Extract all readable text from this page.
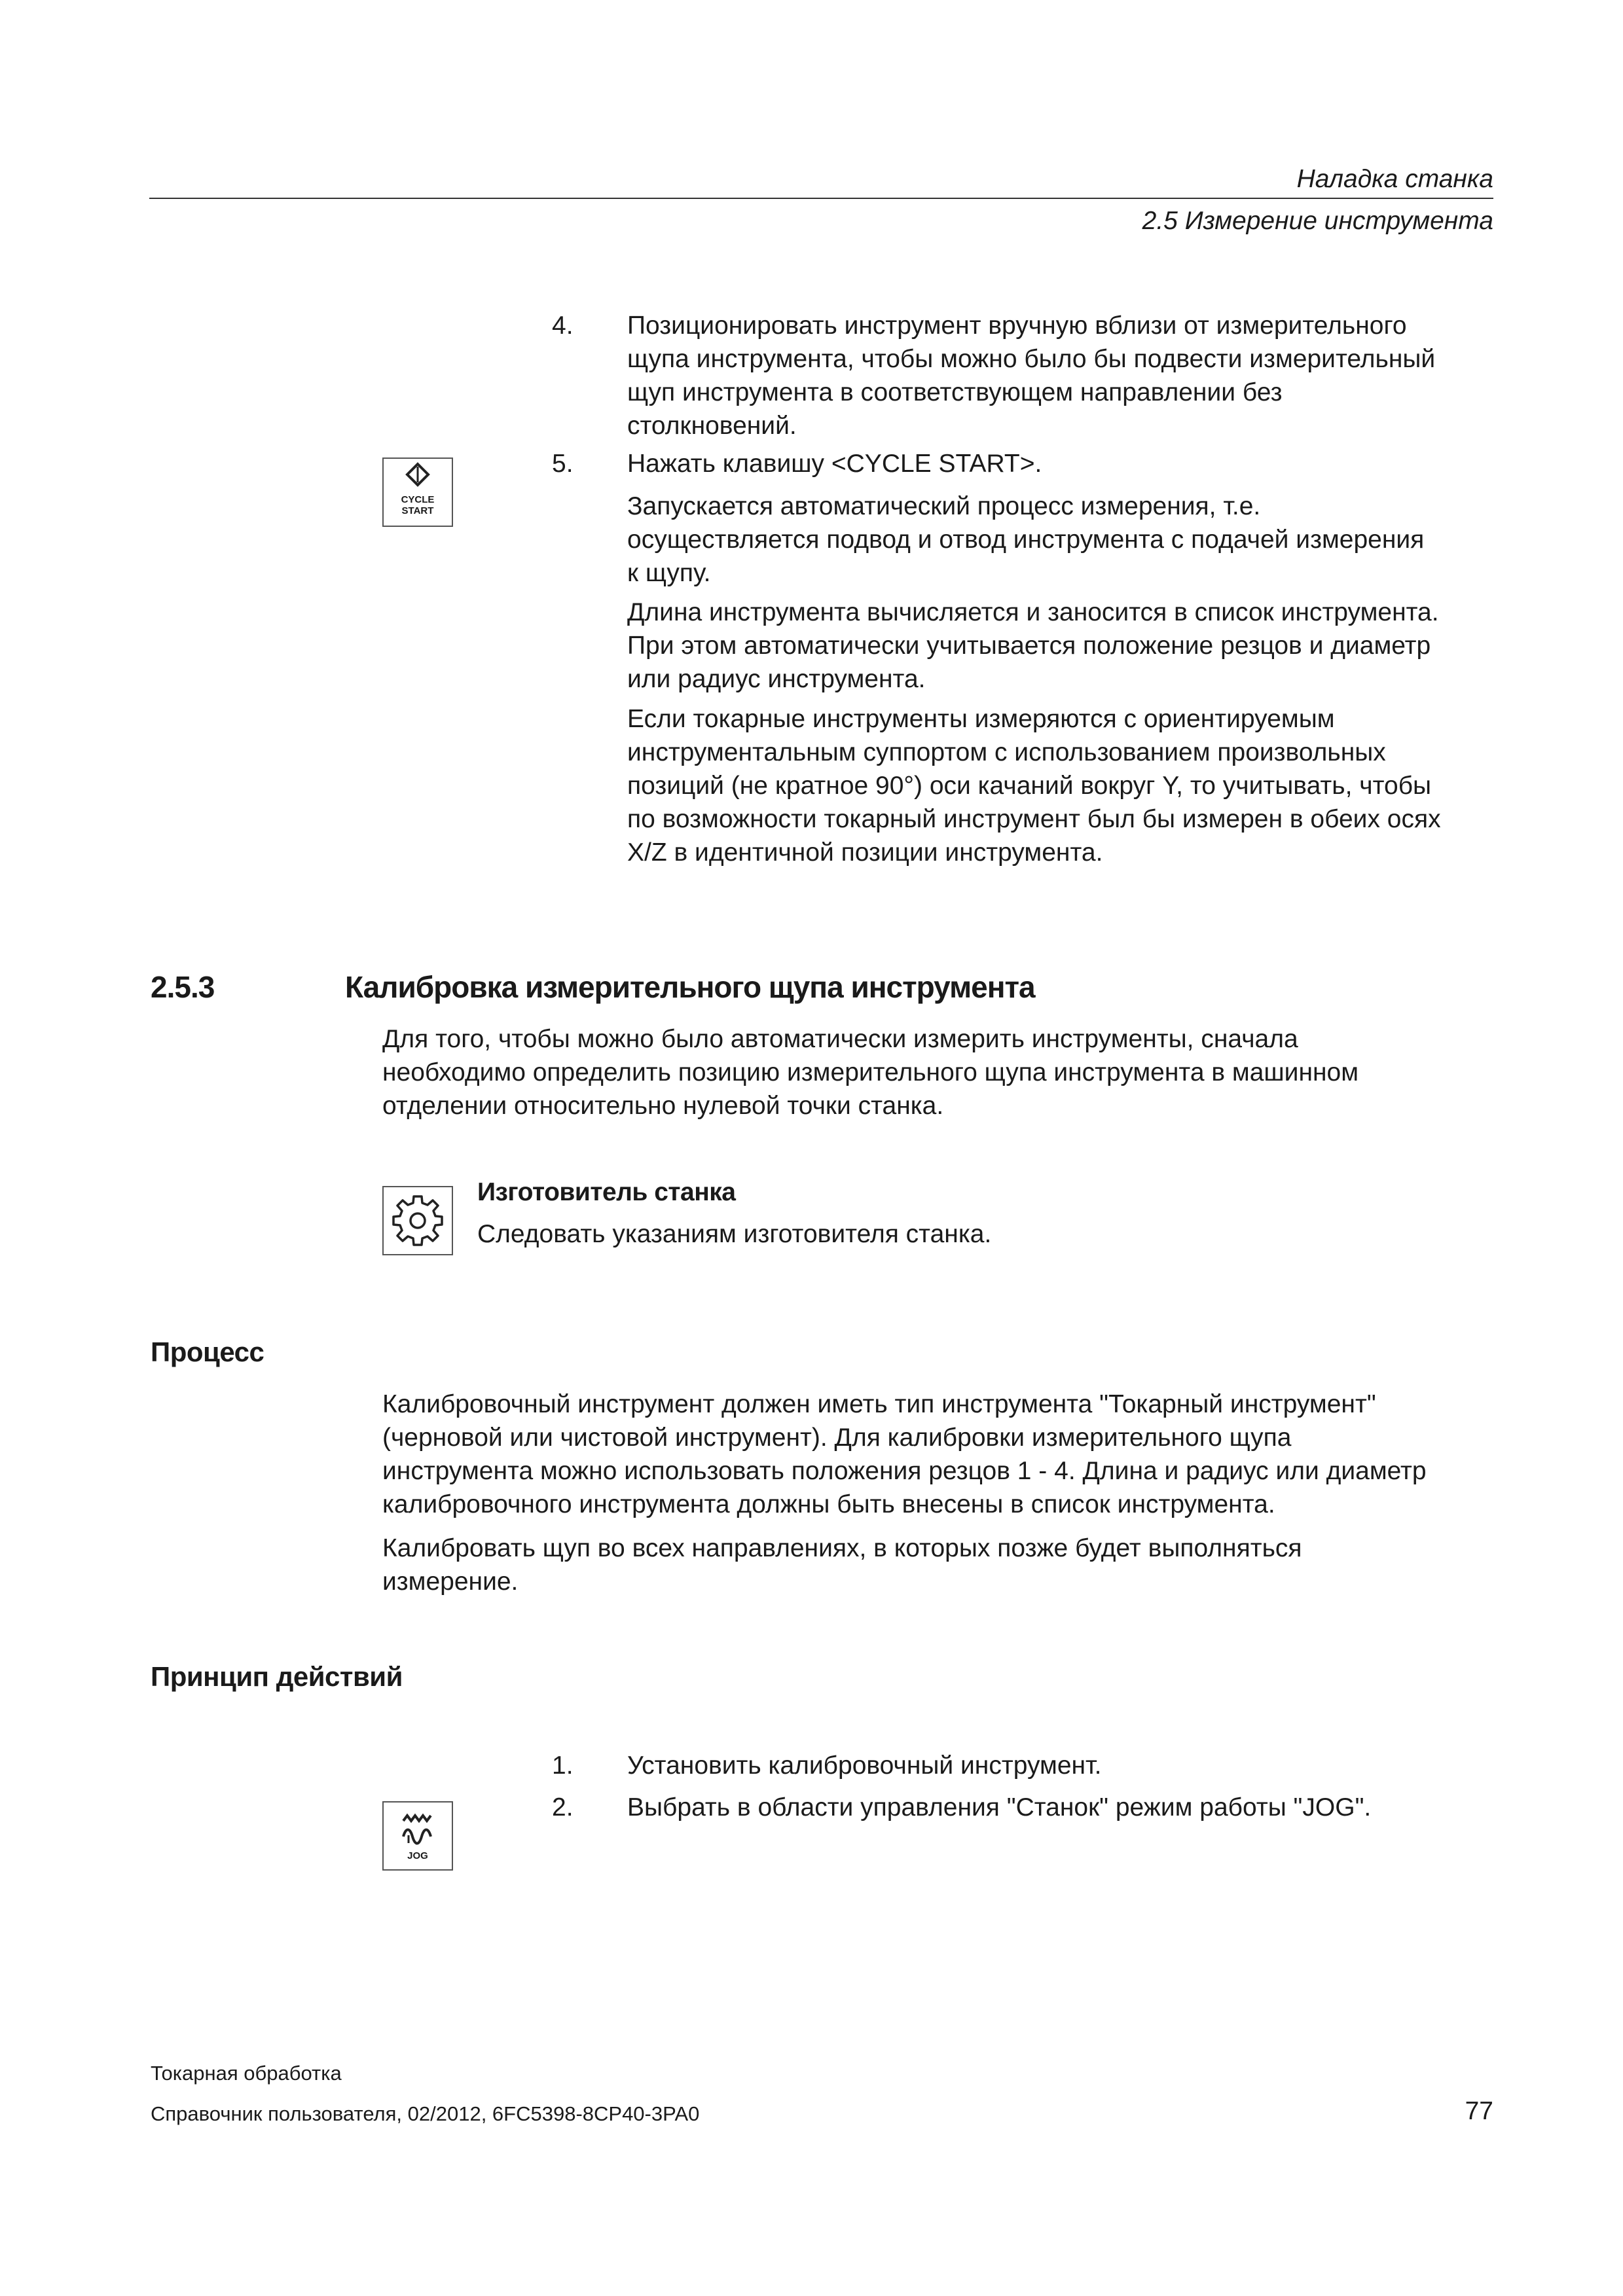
Наладка станка
2.5 Измерение инструмента
4. Позиционировать инструмент вручную вблизи от измерительного
щупа инструмента, чтобы можно было бы подвести измерительный
щуп инструмента в соответствующем направлении без
столкновений.
CYCLE
START
5. Нажать клавишу <CYCLE START>.
Запускается автоматический процесс измерения, т.е.
осуществляется подвод и отвод инструмента с подачей измерения
к щупу.
Длина инструмента вычисляется и заносится в список инструмента.
При этом автоматически учитывается положение резцов и диаметр
или радиус инструмента.
Если токарные инструменты измеряются с ориентируемым
инструментальным суппортом с использованием произвольных
позиций (не кратное 90°) оси качаний вокруг Y, то учитывать, чтобы
по возможности токарный инструмент был бы измерен в обеих осях
X/Z в идентичной позиции инструмента.
2.5.3	Калибровка измерительного щупа инструмента
Для того, чтобы можно было автоматически измерить инструменты, сначала
необходимо определить позицию измерительного щупа инструмента в машинном
отделении относительно нулевой точки станка.
Изготовитель станка
Следовать указаниям изготовителя станка.
Процесс
Калибровочный инструмент должен иметь тип инструмента "Токарный инструмент"
(черновой или чистовой инструмент). Для калибровки измерительного щупа
инструмента можно использовать положения резцов 1 - 4. Длина и радиус или диаметр
калибровочного инструмента должны быть внесены в список инструмента.
Калибровать щуп во всех направлениях, в которых позже будет выполняться
измерение.
Принцип действий
1. Установить калибровочный инструмент.
2. Выбрать в области управления "Станок" режим работы "JOG".
JOG
Токарная обработка
Справочник пользователя, 02/2012, 6FC5398-8CP40-3PA0	77
